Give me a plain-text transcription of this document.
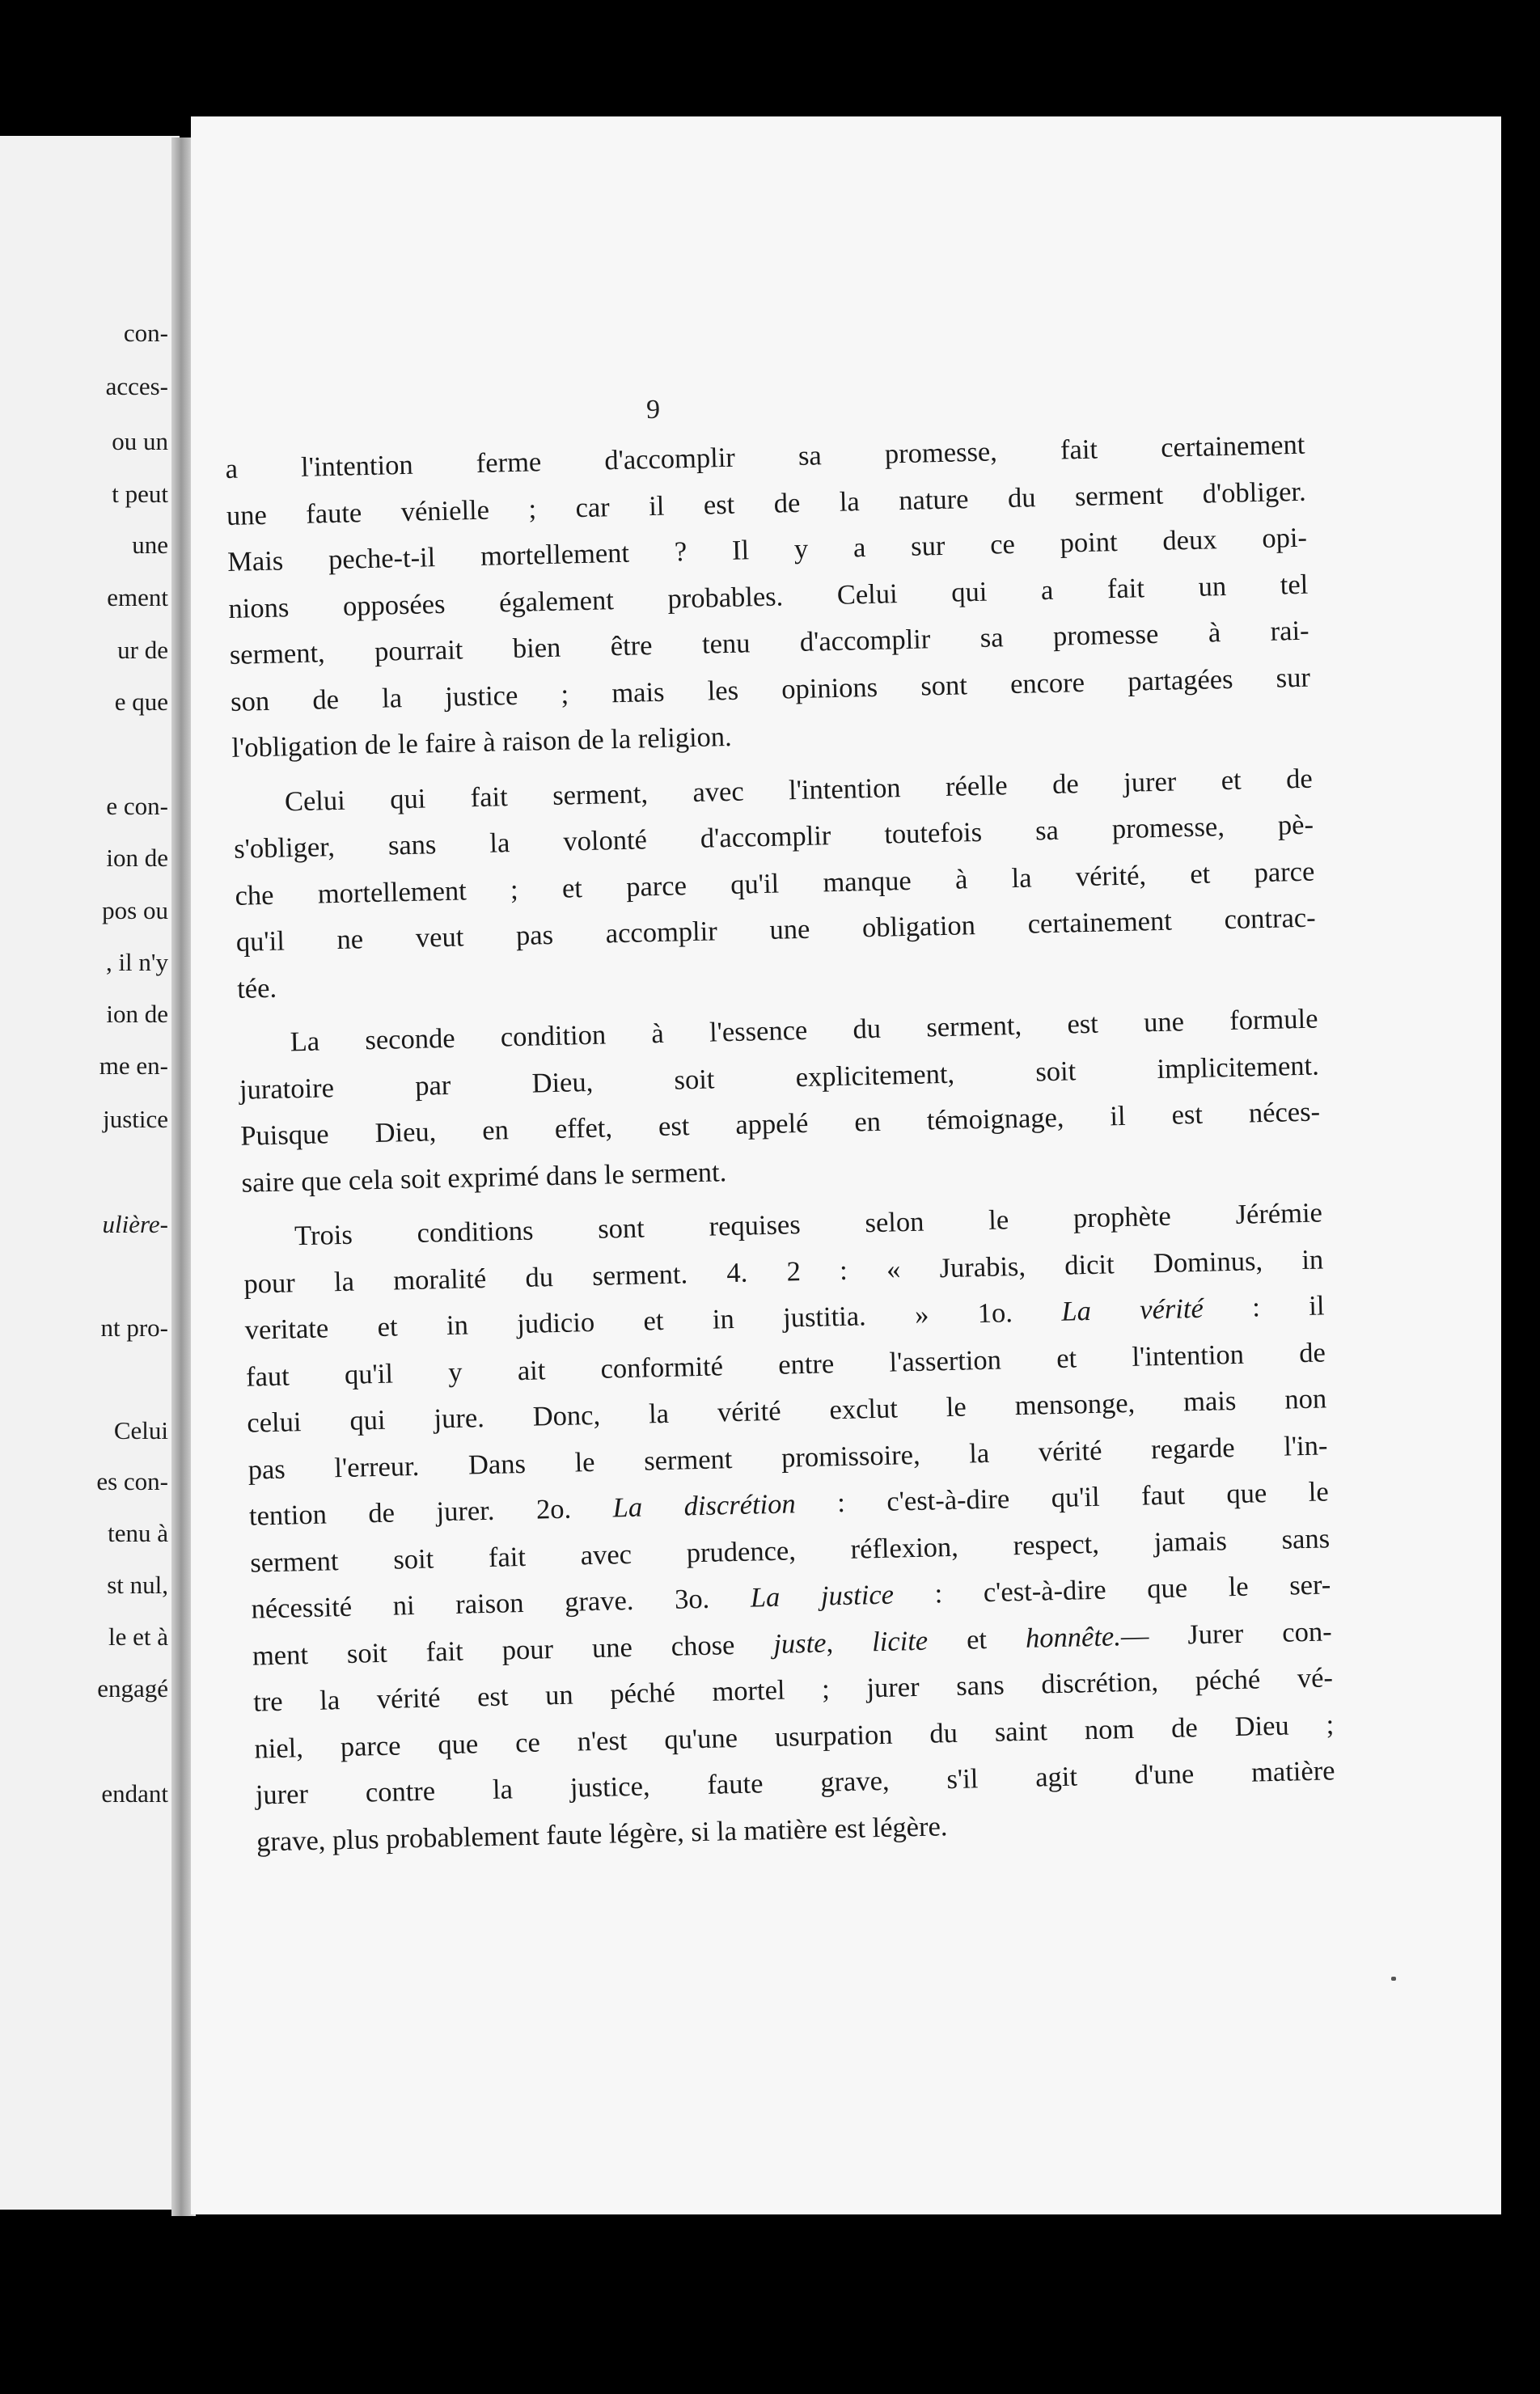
con-
acces-
ou un
t peut
une
ement
ur de
e que
e con-
ion de
pos ou
, il n'y
ion de
me en-
justice
ulière-
nt pro-
Celui
es con-
tenu à
st nul,
le et à
engagé
endant
9
a l'intention ferme d'accomplir sa promesse, fait certainement
une faute vénielle ; car il est de la nature du serment d'obliger.
Mais peche-t-il mortellement ? Il y a sur ce point deux opi-
nions opposées également probables. Celui qui a fait un tel
serment, pourrait bien être tenu d'accomplir sa promesse à rai-
son de la justice ; mais les opinions sont encore partagées sur
l'obligation de le faire à raison de la religion.
Celui qui fait serment, avec l'intention réelle de jurer et de
s'obliger, sans la volonté d'accomplir toutefois sa promesse, pè-
che mortellement ; et parce qu'il manque à la vérité, et parce
qu'il ne veut pas accomplir une obligation certainement contrac-
tée.
La seconde condition à l'essence du serment, est une formule
juratoire par Dieu, soit explicitement, soit implicitement.
Puisque Dieu, en effet, est appelé en témoignage, il est néces-
saire que cela soit exprimé dans le serment.
Trois conditions sont requises selon le prophète Jérémie
pour la moralité du serment. 4. 2 : « Jurabis, dicit Dominus, in
veritate et in judicio et in justitia. » 1o. La vérité : il
faut qu'il y ait conformité entre l'assertion et l'intention de
celui qui jure. Donc, la vérité exclut le mensonge, mais non
pas l'erreur. Dans le serment promissoire, la vérité regarde l'in-
tention de jurer. 2o. La discrétion : c'est-à-dire qu'il faut que le
serment soit fait avec prudence, réflexion, respect, jamais sans
nécessité ni raison grave. 3o. La justice : c'est-à-dire que le ser-
ment soit fait pour une chose juste, licite et honnête.— Jurer con-
tre la vérité est un péché mortel ; jurer sans discrétion, péché vé-
niel, parce que ce n'est qu'une usurpation du saint nom de Dieu ;
jurer contre la justice, faute grave, s'il agit d'une matière
grave, plus probablement faute légère, si la matière est légère.
